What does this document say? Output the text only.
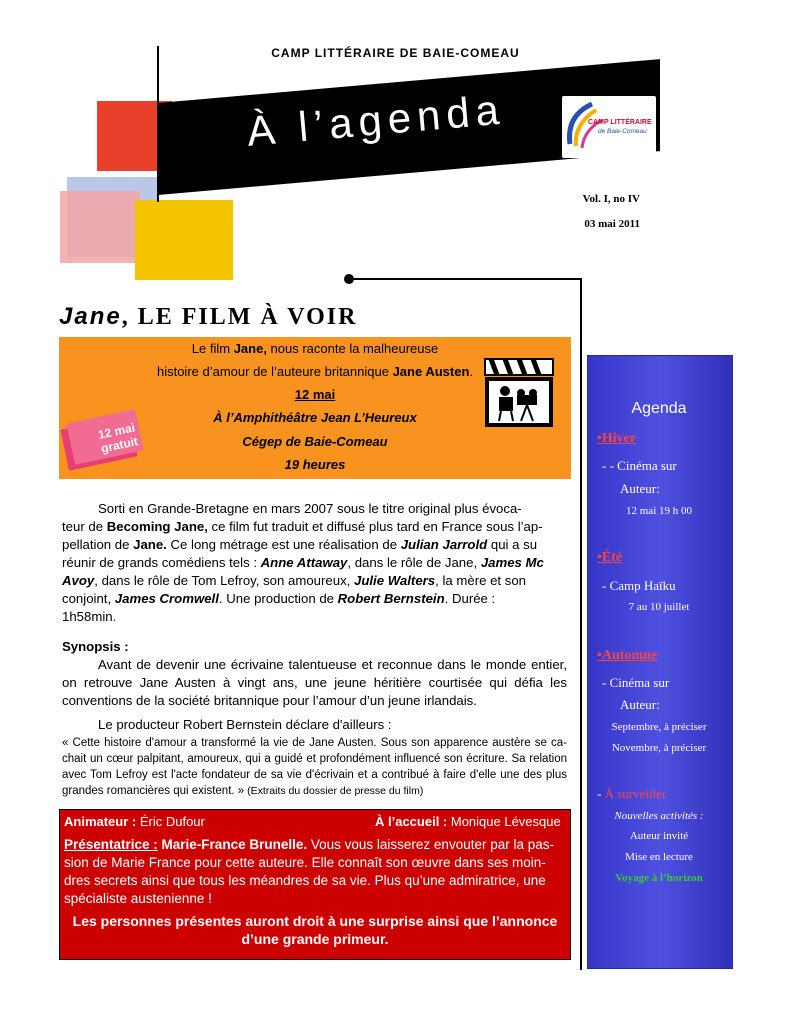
CAMP LITTÉRAIRE DE BAIE-COMEAU
À l’agenda	CAMP LITTÉRAIRE
de Baie-Comeau
Vol. I, no IV
03 mai 2011
Jane, LE FILM À VOIR
Le film Jane, nous raconte la malheureuse
histoire d’amour de l’auteure britannique Jane Austen.
12 mai
À l’Amphithéâtre Jean L’Heureux
Cégep de Baie-Comeau
19 heures
12 mai gratuit
Sorti en Grande-Bretagne en mars 2007 sous le titre original plus évoca-
teur de Becoming Jane, ce film fut traduit et diffusé plus tard en France sous l’ap-
pellation de Jane. Ce long métrage est une réalisation de Julian Jarrold qui a su
réunir de grands comédiens tels : Anne Attaway, dans le rôle de Jane, James Mc
Avoy, dans le rôle de Tom Lefroy, son amoureux, Julie Walters, la mère et son
conjoint, James Cromwell. Une production de Robert Bernstein. Durée :
1h58min.
Synopsis :
Avant de devenir une écrivaine talentueuse et reconnue dans le monde entier, on retrouve Jane Austen à vingt ans, une jeune héritière courtisée qui défia les conventions de la société britannique pour l’amour d’un jeune irlandais.
Le producteur Robert Bernstein déclare d'ailleurs :
« Cette histoire d'amour a transformé la vie de Jane Austen. Sous son apparence austère se ca-chait un cœur palpitant, amoureux, qui a guidé et profondément influencé son écriture. Sa relation avec Tom Lefroy est l'acte fondateur de sa vie d'écrivain et a contribué à faire d'elle une des plus grandes romancières qui existent. » (Extraits du dossier de presse du film)
Animateur : Éric Dufour	À l’accueil : Monique Lévesque
Présentatrice : Marie-France Brunelle. Vous vous laisserez envouter par la pas-
sion de Marie France pour cette auteure. Elle connaît son œuvre dans ses moin-
dres secrets ainsi que tous les méandres de sa vie. Plus qu’une admiratrice, une
spécialiste austenienne !
Les personnes présentes auront droit à une surprise ainsi que l’annonce
d’une grande primeur.
Agenda
•Hiver
- - Cinéma sur
Auteur:
12 mai 19 h 00
•Été
- Camp Haïku
7 au 10 juillet
•Automne
- Cinéma sur
Auteur:
Septembre, à préciser
Novembre, à préciser
- À surveiller
Nouvelles activités :
Auteur invité
Mise en lecture
Voyage à l’horizon
